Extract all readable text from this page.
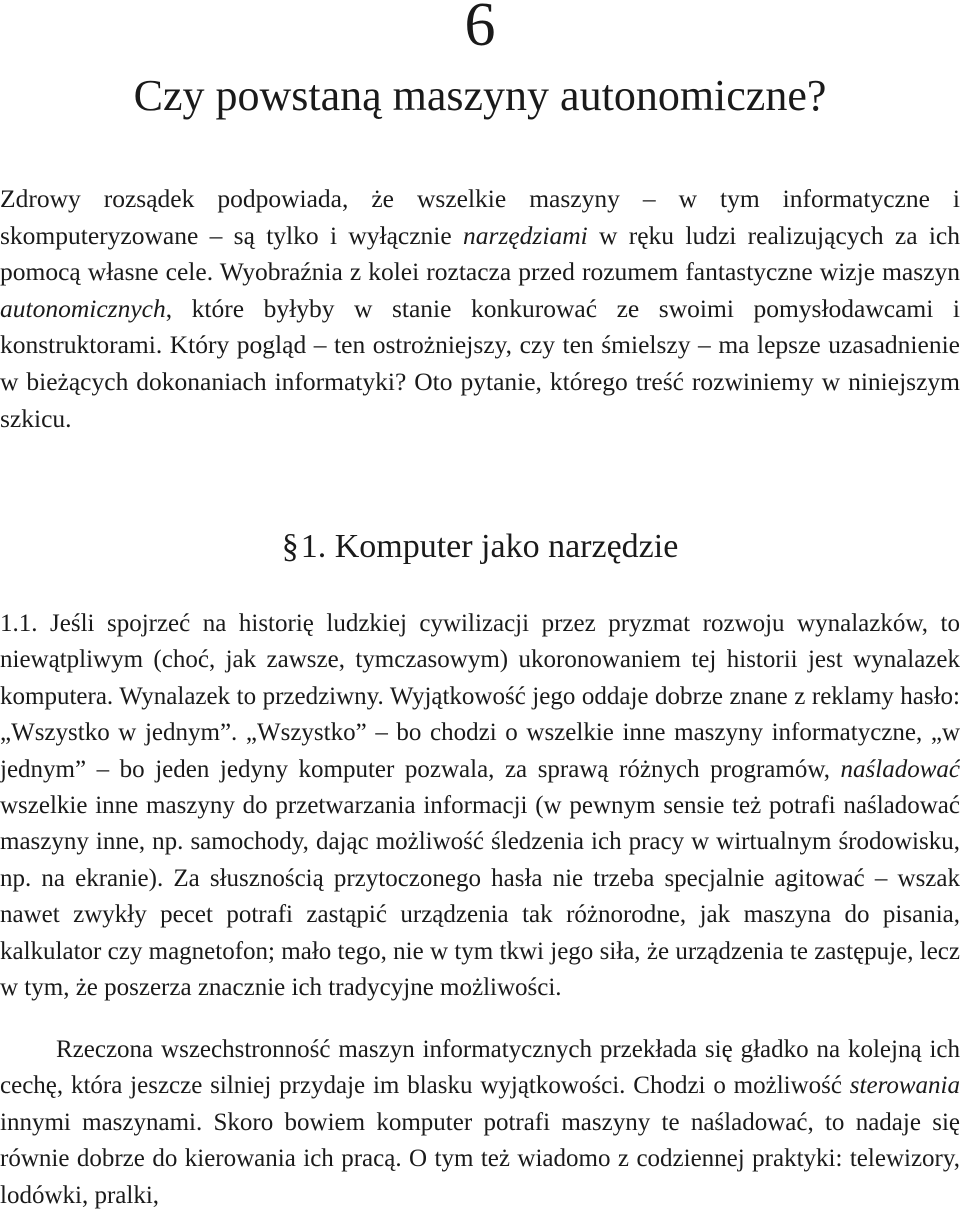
6
Czy powstaną maszyny autonomiczne?

Zdrowy rozsądek podpowiada, że wszelkie maszyny – w tym informatyczne i skomputeryzowane – są tylko i wyłącznie narzędziami w ręku ludzi realizujących za ich pomocą własne cele. Wyobraźnia z kolei roztacza przed rozumem fantastyczne wizje maszyn autonomicznych, które byłyby w stanie konkurować ze swoimi pomysłodawcami i konstruktorami. Który pogląd – ten ostrożniejszy, czy ten śmielszy – ma lepsze uzasadnienie w bieżących dokonaniach informatyki? Oto pytanie, którego treść rozwiniemy w niniejszym szkicu.

§1. Komputer jako narzędzie

1.1. Jeśli spojrzeć na historię ludzkiej cywilizacji przez pryzmat rozwoju wynalazków, to niewątpliwym (choć, jak zawsze, tymczasowym) ukoronowaniem tej historii jest wynalazek komputera. Wynalazek to przedziwny. Wyjątkowość jego oddaje dobrze znane z reklamy hasło: „Wszystko w jednym”. „Wszystko” – bo chodzi o wszelkie inne maszyny informatyczne, „w jednym” – bo jeden jedyny komputer pozwala, za sprawą różnych programów, naśladować wszelkie inne maszyny do przetwarzania informacji (w pewnym sensie też potrafi naśladować maszyny inne, np. samochody, dając możliwość śledzenia ich pracy w wirtualnym środowisku, np. na ekranie). Za słusznością przytoczonego hasła nie trzeba specjalnie agitować – wszak nawet zwykły pecet potrafi zastąpić urządzenia tak różnorodne, jak maszyna do pisania, kalkulator czy magnetofon; mało tego, nie w tym tkwi jego siła, że urządzenia te zastępuje, lecz w tym, że poszerza znacznie ich tradycyjne możliwości.

Rzeczona wszechstronność maszyn informatycznych przekłada się gładko na kolejną ich cechę, która jeszcze silniej przydaje im blasku wyjątkowości. Chodzi o możliwość sterowania innymi maszynami. Skoro bowiem komputer potrafi maszyny te naśladować, to nadaje się równie dobrze do kierowania ich pracą. O tym też wiadomo z codziennej praktyki: telewizory, lodówki, pralki,
